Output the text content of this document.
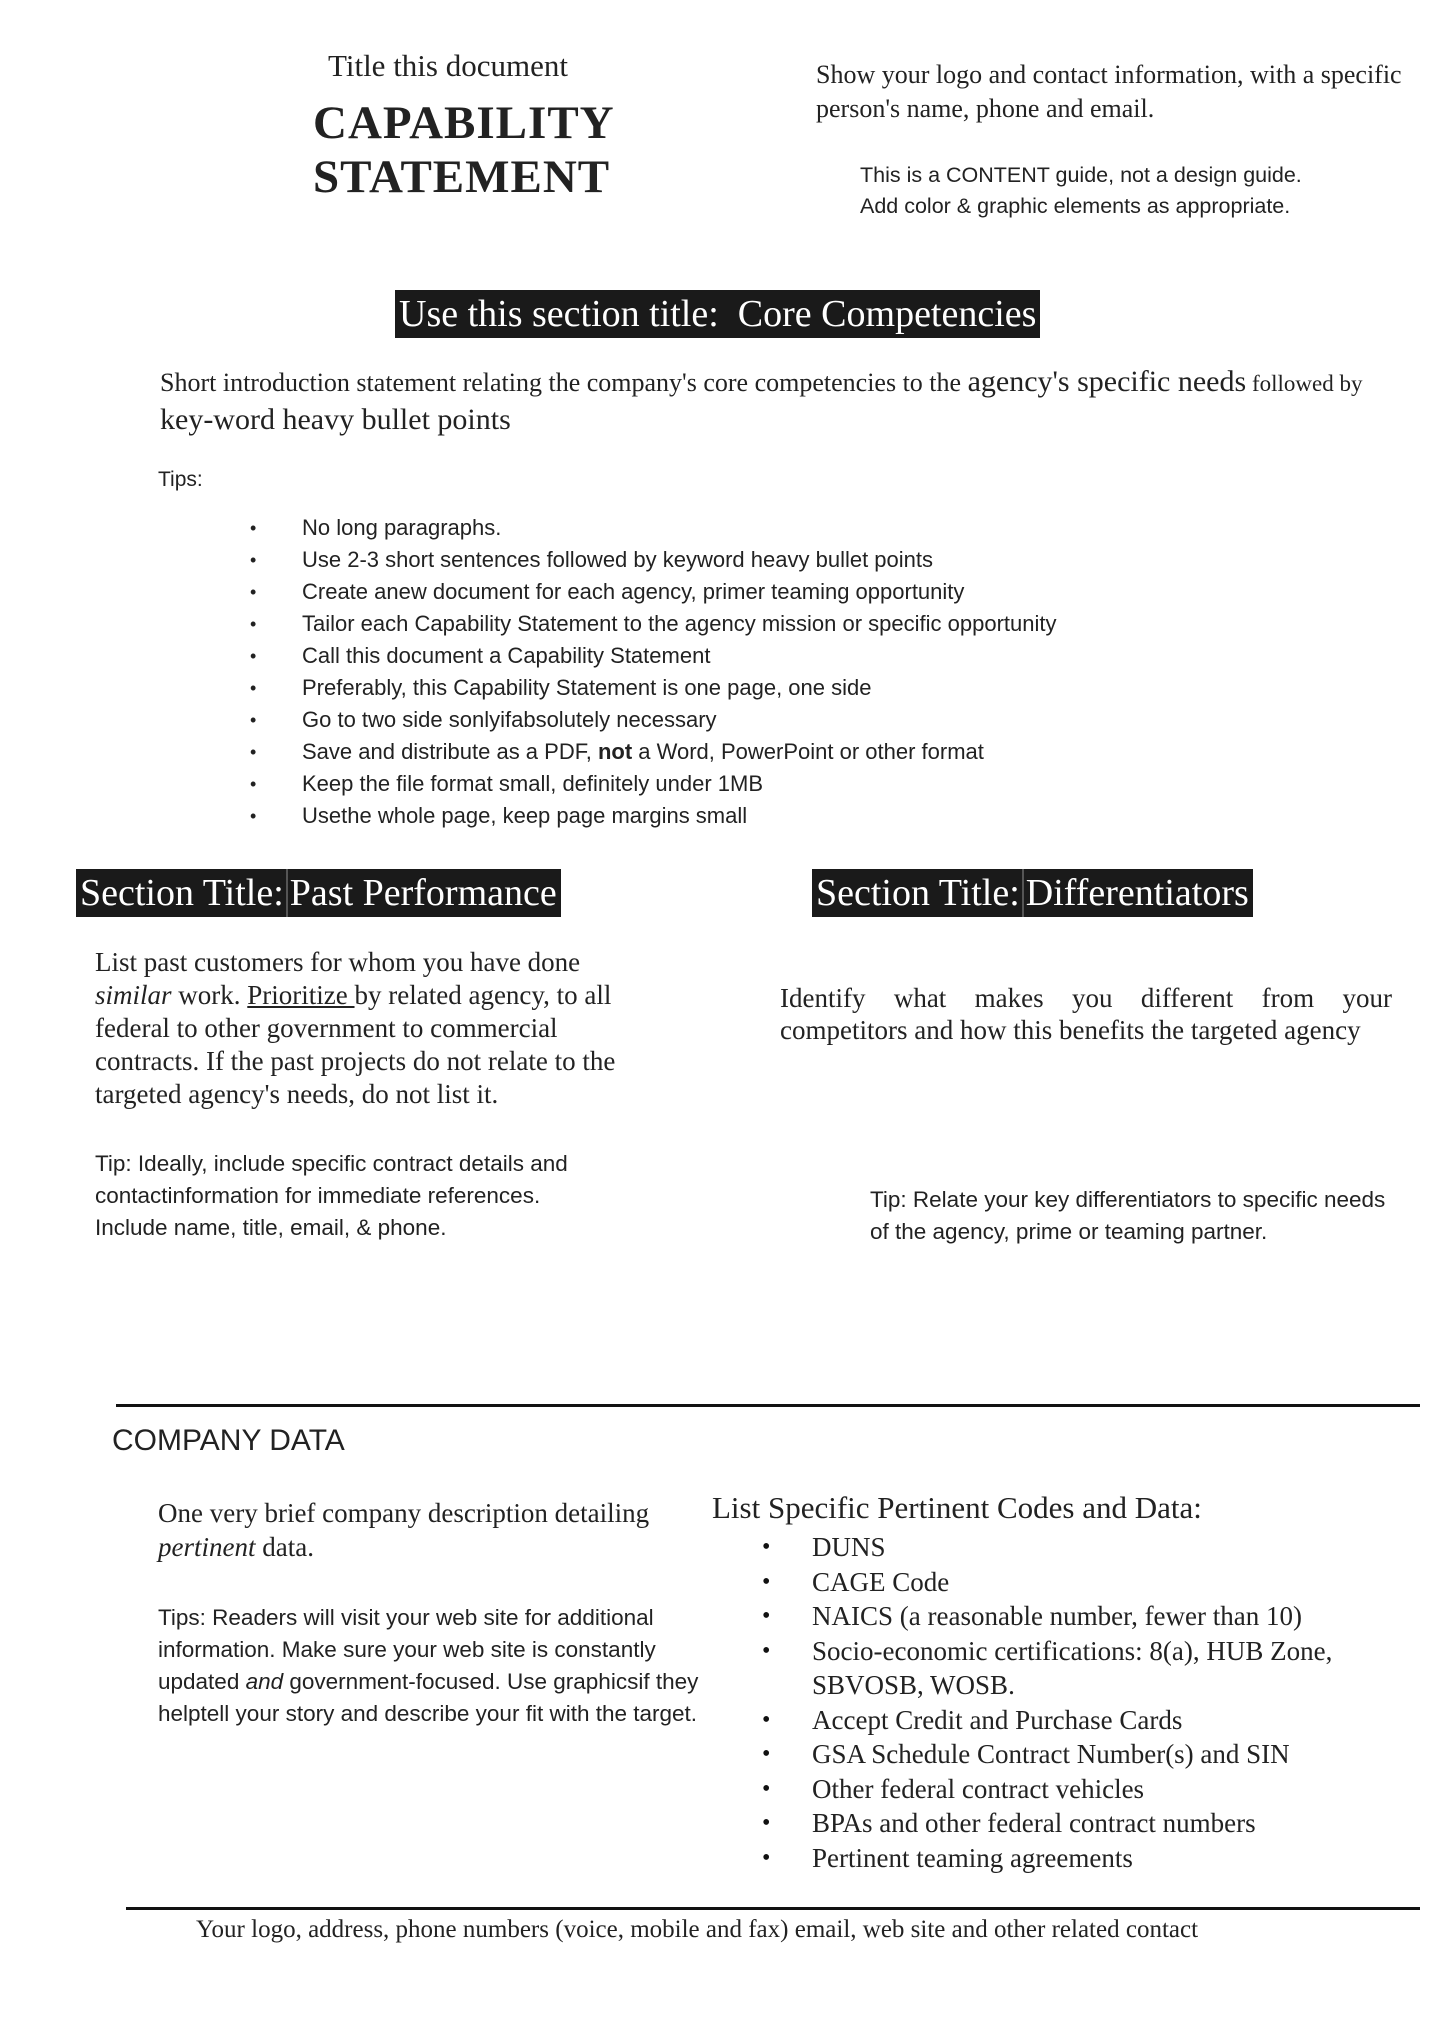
Title this document
CAPABILITY
STATEMENT
Show your logo and contact information, with a specific person's name, phone and email.
This is a CONTENT guide, not a design guide. Add color & graphic elements as appropriate.
Use this section title: Core Competencies
Short introduction statement relating the company's core competencies to the agency's specific needs followed by key-word heavy bullet points
Tips:
• No long paragraphs.
• Use 2-3 short sentences followed by keyword heavy bullet points
• Create anew document for each agency, primer teaming opportunity
• Tailor each Capability Statement to the agency mission or specific opportunity
• Call this document a Capability Statement
• Preferably, this Capability Statement is one page, one side
• Go to two side sonlyifabsolutely necessary
• Save and distribute as a PDF, not a Word, PowerPoint or other format
• Keep the file format small, definitely under 1MB
• Usethe whole page, keep page margins small
Section Title: Past Performance	Section Title: Differentiators
List past customers for whom you have done similar work. Prioritize by related agency, to all federal to other government to commercial contracts. If the past projects do not relate to the targeted agency's needs, do not list it.
Tip: Ideally, include specific contract details and contactinformation for immediate references. Include name, title, email, & phone.
Identify what makes you different from your competitors and how this benefits the targeted agency
Tip: Relate your key differentiators to specific needs of the agency, prime or teaming partner.
COMPANY DATA
One very brief company description detailing pertinent data.
Tips: Readers will visit your web site for additional information. Make sure your web site is constantly updated and government-focused. Use graphicsif they helptell your story and describe your fit with the target.
List Specific Pertinent Codes and Data:
• DUNS
• CAGE Code
• NAICS (a reasonable number, fewer than 10)
• Socio-economic certifications: 8(a), HUB Zone, SBVOSB, WOSB.
• Accept Credit and Purchase Cards
• GSA Schedule Contract Number(s) and SIN
• Other federal contract vehicles
• BPAs and other federal contract numbers
• Pertinent teaming agreements
Your logo, address, phone numbers (voice, mobile and fax) email, web site and other related contact
